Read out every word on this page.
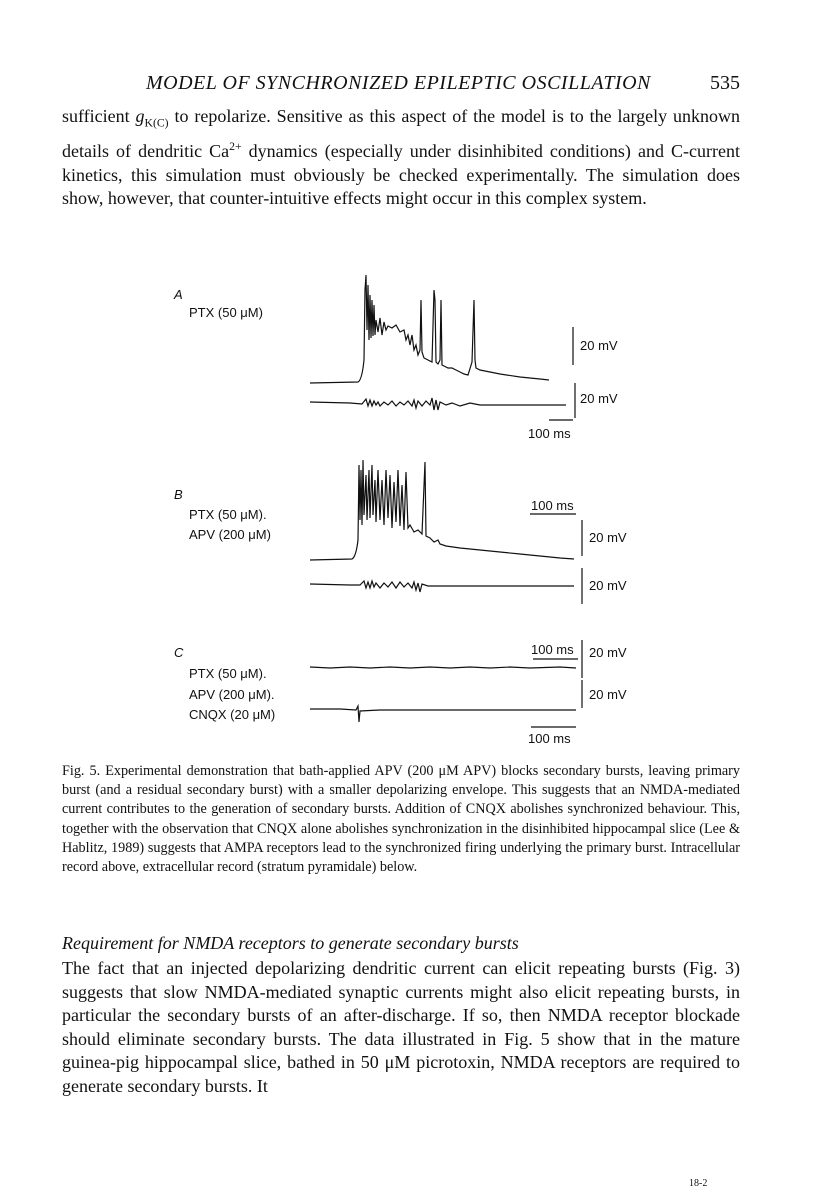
MODEL OF SYNCHRONIZED EPILEPTIC OSCILLATION	535

sufficient $g_{K(C)}$ to repolarize. Sensitive as this aspect of the model is to the largely unknown details of dendritic $Ca^{2+}$ dynamics (especially under disinhibited conditions) and C-current kinetics, this simulation must obviously be checked experimentally. The simulation does show, however, that counter-intuitive effects might occur in this complex system.

A
PTX (50 μM)
20 mV
20 mV
100 ms
B
PTX (50 μM).
APV (200 μM)
100 ms
20 mV
20 mV
C
PTX (50 μM).
APV (200 μM).
CNQX (20 μM)
100 ms 20 mV
20 mV
100 ms
Fig. 5. Experimental demonstration that bath-applied APV (200 μM APV) blocks secondary bursts, leaving primary burst (and a residual secondary burst) with a smaller depolarizing envelope. This suggests that an NMDA-mediated current contributes to the generation of secondary bursts. Addition of CNQX abolishes synchronized behaviour. This, together with the observation that CNQX alone abolishes synchronization in the disinhibited hippocampal slice (Lee & Hablitz, 1989) suggests that AMPA receptors lead to the synchronized firing underlying the primary burst. Intracellular record above, extracellular record (stratum pyramidale) below.
Requirement for NMDA receptors to generate secondary bursts

The fact that an injected depolarizing dendritic current can elicit repeating bursts (Fig. 3) suggests that slow NMDA-mediated synaptic currents might also elicit repeating bursts, in particular the secondary bursts of an after-discharge. If so, then NMDA receptor blockade should eliminate secondary bursts. The data illustrated in Fig. 5 show that in the mature guinea-pig hippocampal slice, bathed in 50 μM picrotoxin, NMDA receptors are required to generate secondary bursts. It

18-2
